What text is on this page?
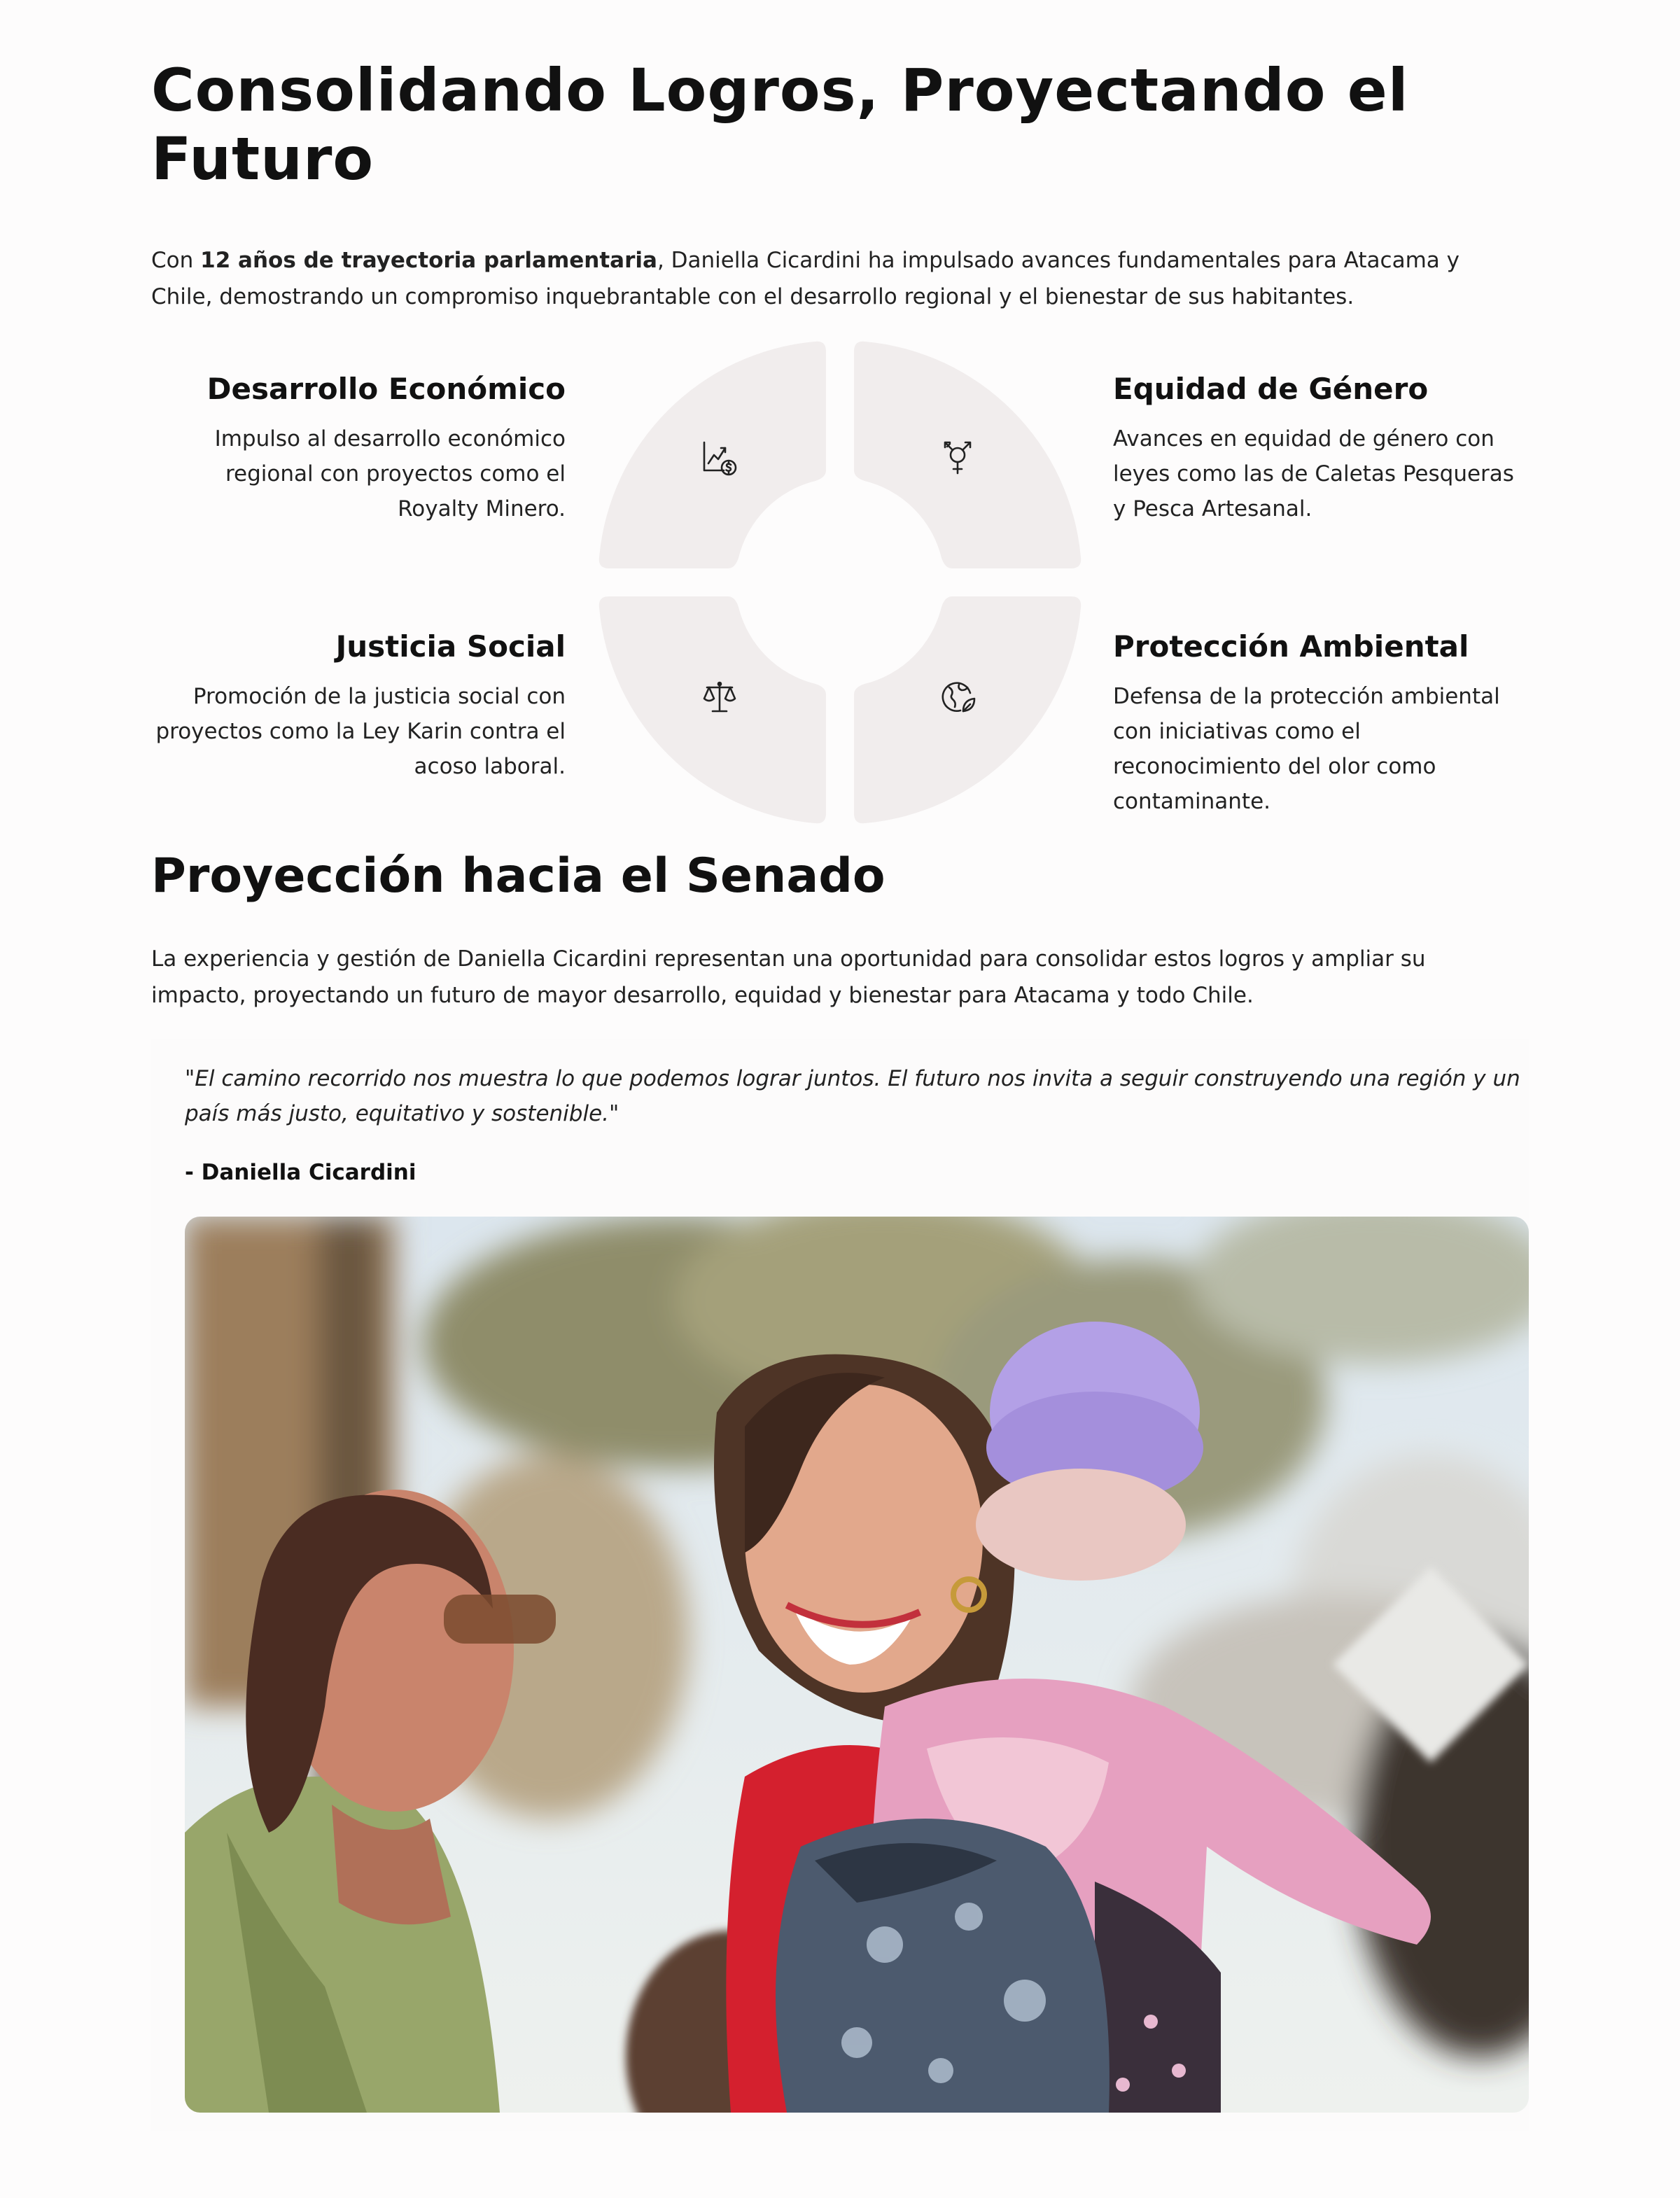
Consolidando Logros, Proyectando el Futuro

Con 12 años de trayectoria parlamentaria, Daniella Cicardini ha impulsado avances fundamentales para Atacama y Chile, demostrando un compromiso inquebrantable con el desarrollo regional y el bienestar de sus habitantes.

Desarrollo Económico

Impulso al desarrollo económico regional con proyectos como el Royalty Minero.

Equidad de Género

Avances en equidad de género con leyes como las de Caletas Pesqueras y Pesca Artesanal.

Justicia Social

Promoción de la justicia social con proyectos como la Ley Karin contra el acoso laboral.

Protección Ambiental

Defensa de la protección ambiental con iniciativas como el reconocimiento del olor como contaminante.

Proyección hacia el Senado

La experiencia y gestión de Daniella Cicardini representan una oportunidad para consolidar estos logros y ampliar su impacto, proyectando un futuro de mayor desarrollo, equidad y bienestar para Atacama y todo Chile.

"El camino recorrido nos muestra lo que podemos lograr juntos. El futuro nos invita a seguir construyendo una región y un país más justo, equitativo y sostenible."

- Daniella Cicardini
